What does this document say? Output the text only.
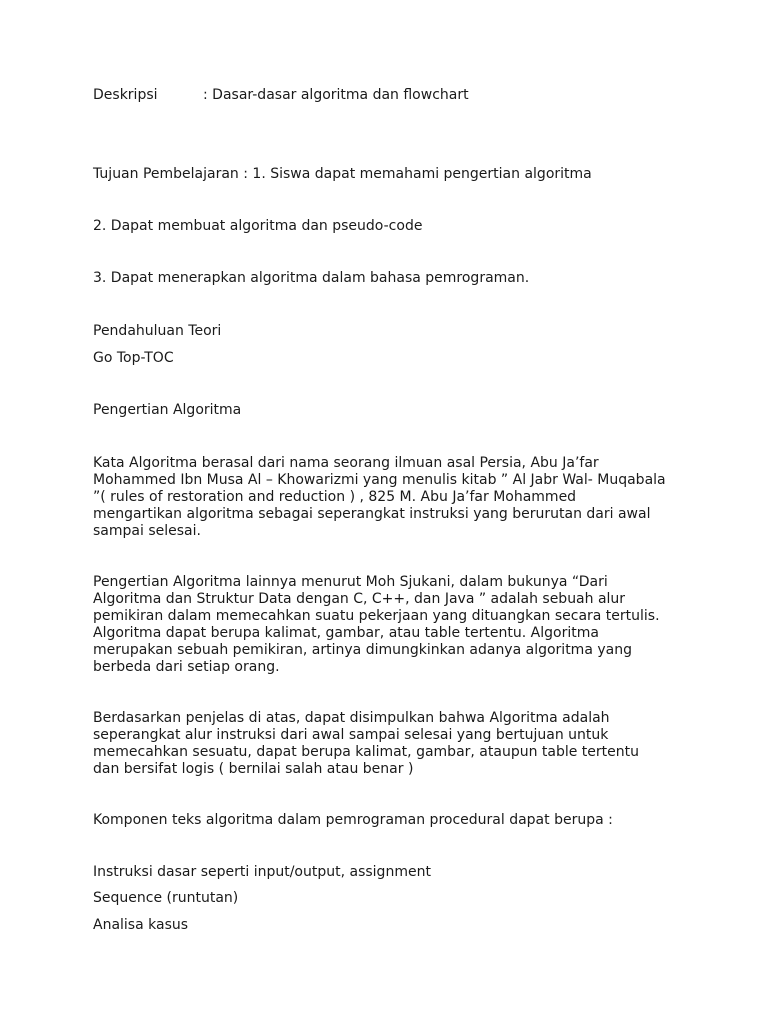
Deskripsi	: Dasar-dasar algoritma dan flowchart
Tujuan Pembelajaran : 1. Siswa dapat memahami pengertian algoritma
2. Dapat membuat algoritma dan pseudo-code
3. Dapat menerapkan algoritma dalam bahasa pemrograman.
Pendahuluan Teori
Go Top-TOC
Pengertian Algoritma
Kata Algoritma berasal dari nama seorang ilmuan asal Persia, Abu Ja’far
Mohammed Ibn Musa Al – Khowarizmi yang menulis kitab ” Al Jabr Wal- Muqabala
”( rules of restoration and reduction ) , 825 M. Abu Ja’far Mohammed
mengartikan algoritma sebagai seperangkat instruksi yang berurutan dari awal
sampai selesai.
Pengertian Algoritma lainnya menurut Moh Sjukani, dalam bukunya “Dari
Algoritma dan Struktur Data dengan C, C++, dan Java ” adalah sebuah alur
pemikiran dalam memecahkan suatu pekerjaan yang dituangkan secara tertulis.
Algoritma dapat berupa kalimat, gambar, atau table tertentu. Algoritma
merupakan sebuah pemikiran, artinya dimungkinkan adanya algoritma yang
berbeda dari setiap orang.
Berdasarkan penjelas di atas, dapat disimpulkan bahwa Algoritma adalah
seperangkat alur instruksi dari awal sampai selesai yang bertujuan untuk
memecahkan sesuatu, dapat berupa kalimat, gambar, ataupun table tertentu
dan bersifat logis ( bernilai salah atau benar )
Komponen teks algoritma dalam pemrograman procedural dapat berupa :
Instruksi dasar seperti input/output, assignment
Sequence (runtutan)
Analisa kasus
